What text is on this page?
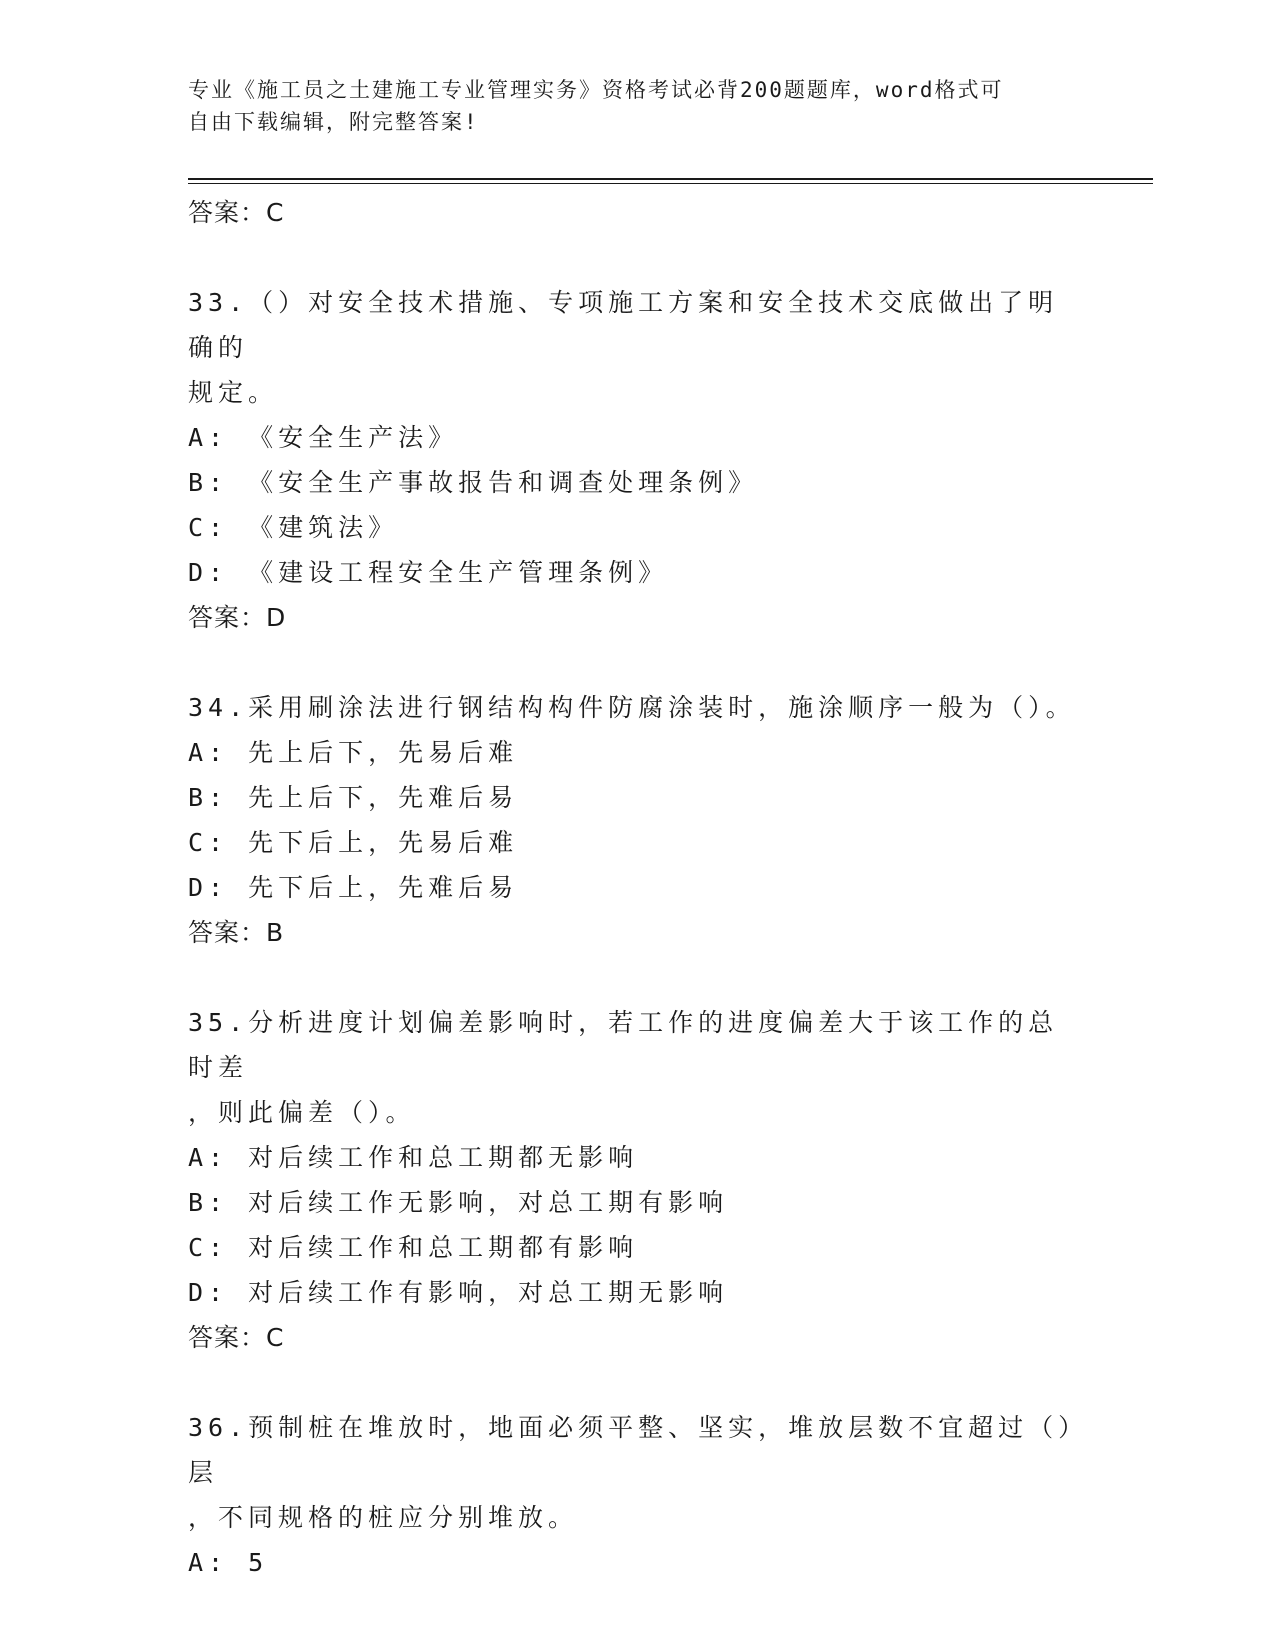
专业《施工员之土建施工专业管理实务》资格考试必背200题题库，word格式可
自由下载编辑，附完整答案!
答案：C
33.（）对安全技术措施、专项施工方案和安全技术交底做出了明确的
规定。
A: 《安全生产法》
B: 《安全生产事故报告和调查处理条例》
C: 《建筑法》
D: 《建设工程安全生产管理条例》
答案：D
34.采用刷涂法进行钢结构构件防腐涂装时，施涂顺序一般为（）。
A: 先上后下，先易后难
B: 先上后下，先难后易
C: 先下后上，先易后难
D: 先下后上，先难后易
答案：B
35.分析进度计划偏差影响时，若工作的进度偏差大于该工作的总时差
，则此偏差（）。
A: 对后续工作和总工期都无影响
B: 对后续工作无影响，对总工期有影响
C: 对后续工作和总工期都有影响
D: 对后续工作有影响，对总工期无影响
答案：C
36.预制桩在堆放时，地面必须平整、坚实，堆放层数不宜超过（）层
，不同规格的桩应分别堆放。
A: 5
